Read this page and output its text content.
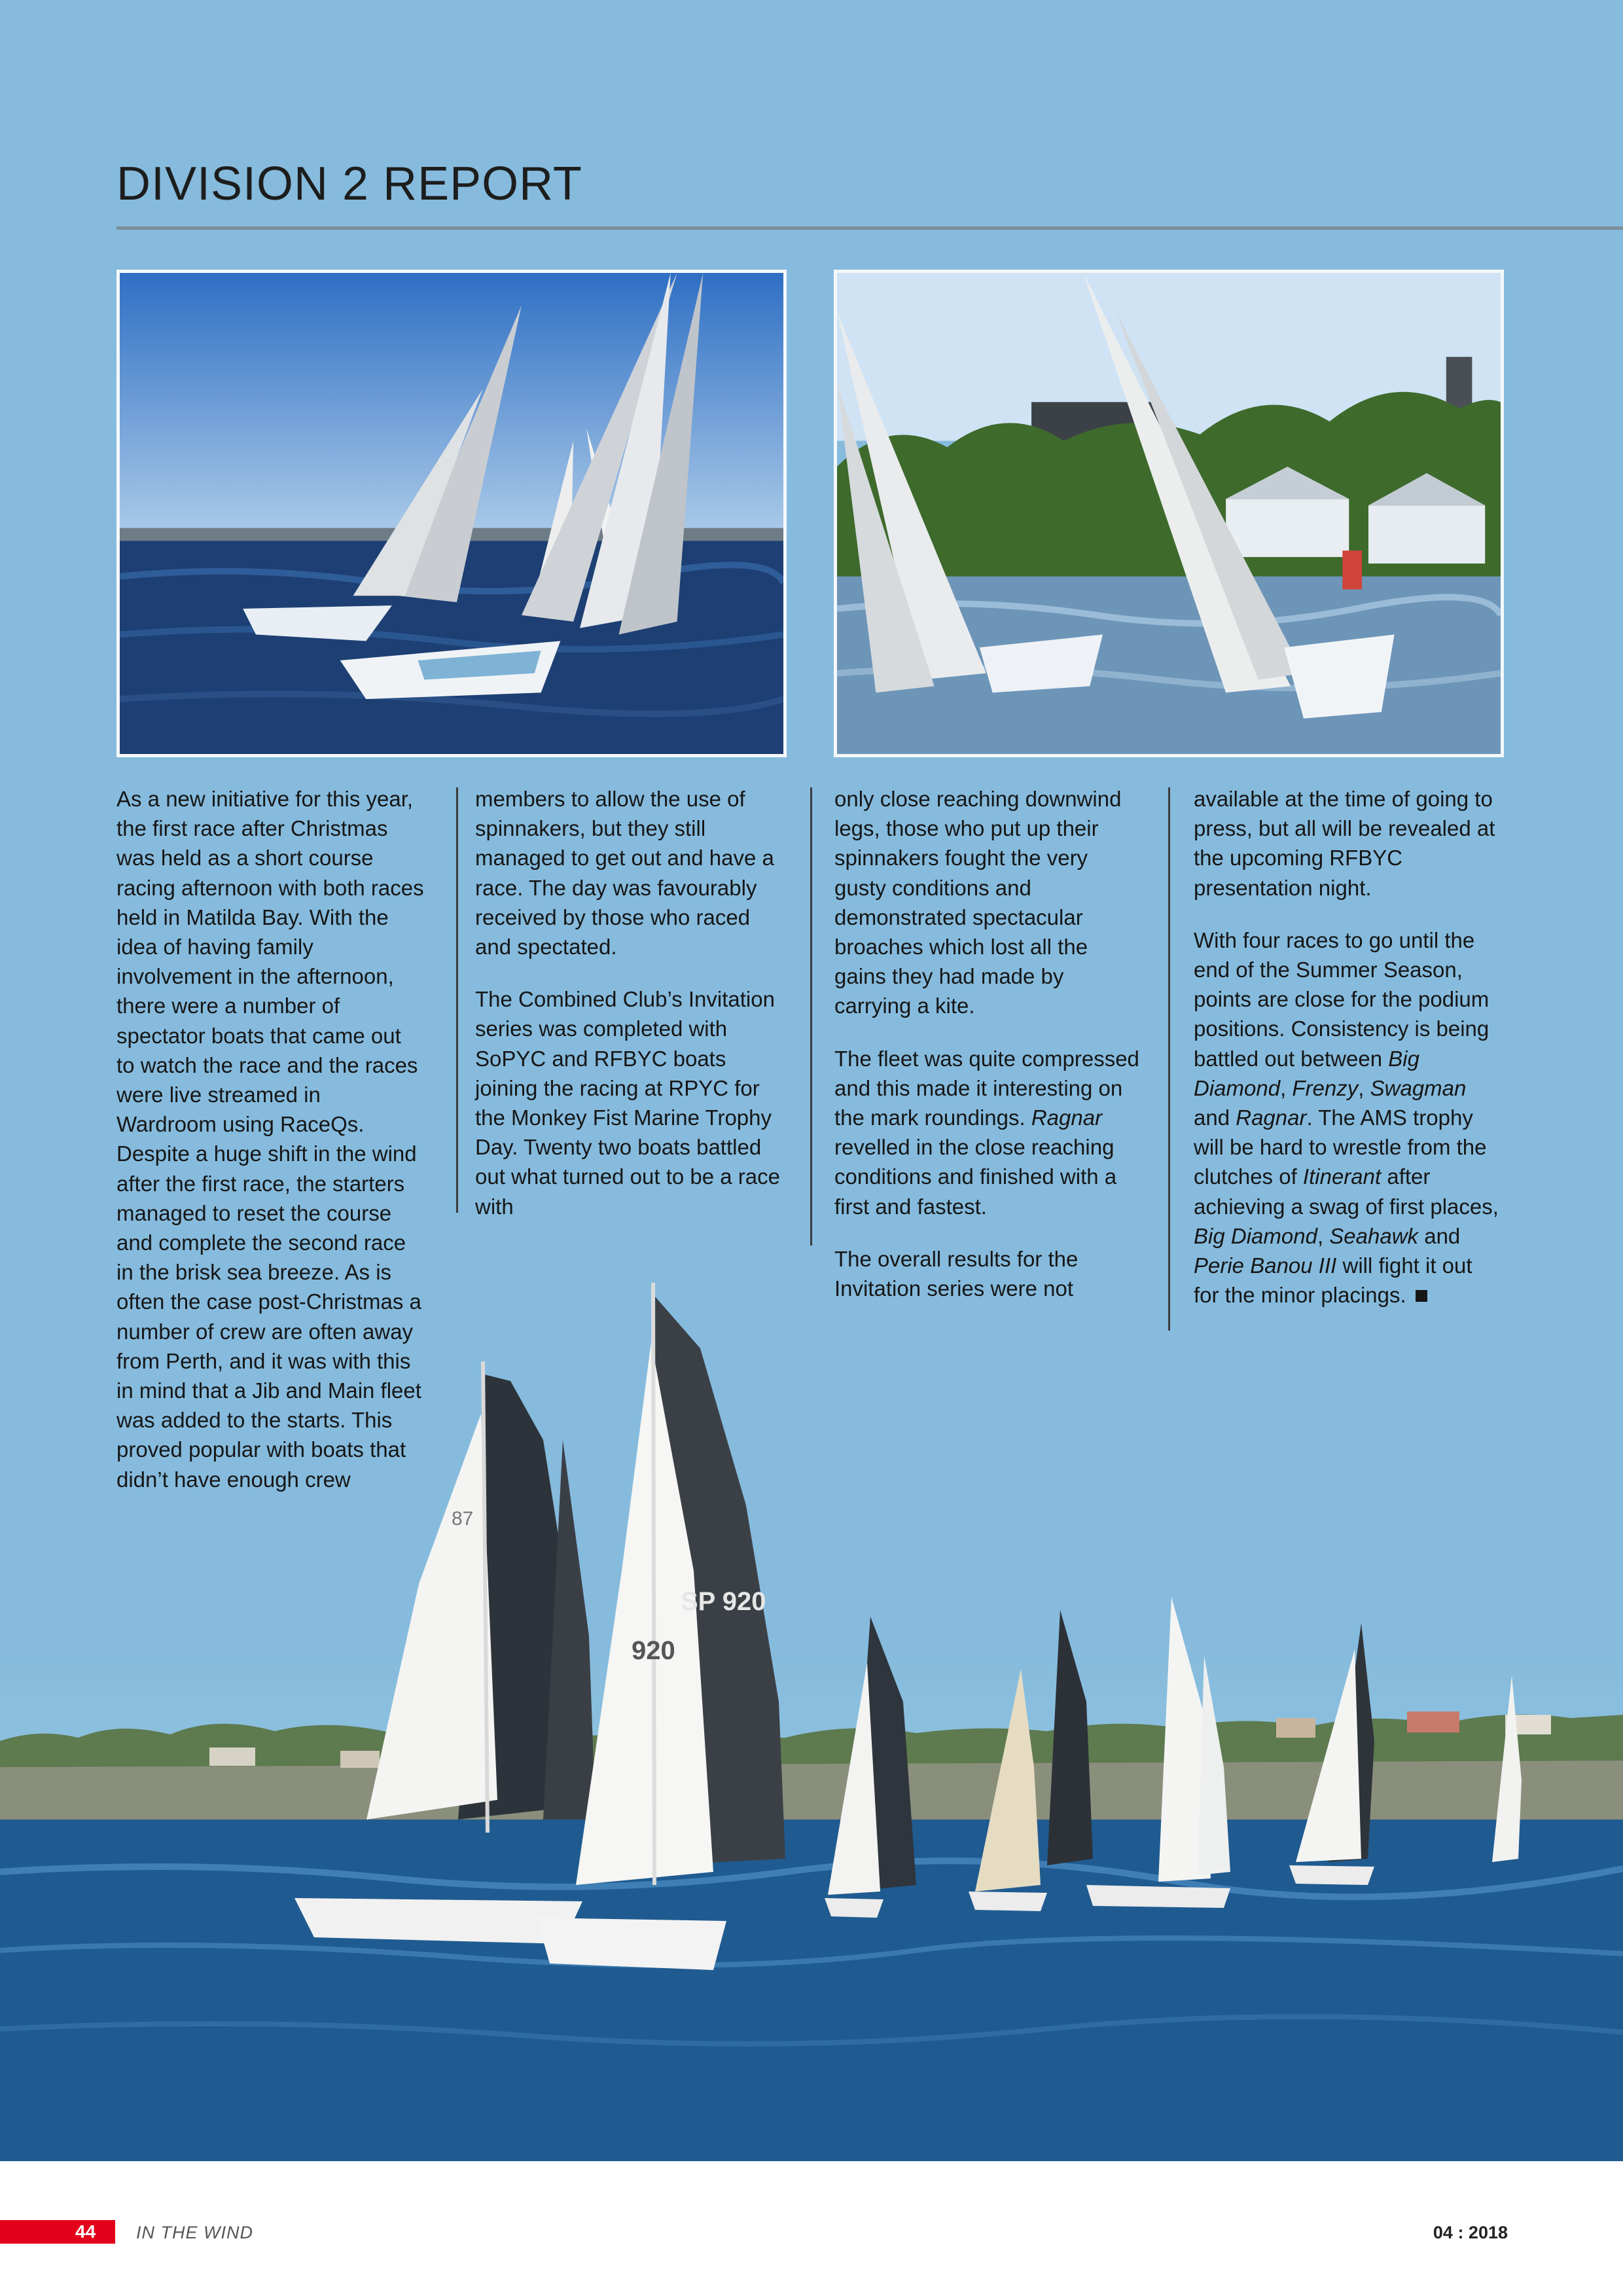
87
920
SP 920
DIVISION 2 REPORT

As a new initiative for this year, the first race after Christmas was held as a short course racing afternoon with both races held in Matilda Bay. With the idea of having family involvement in the afternoon, there were a number of spectator boats that came out to watch the race and the races were live streamed in Wardroom using RaceQs. Despite a huge shift in the wind after the first race, the starters managed to reset the course and complete the second race in the brisk sea breeze. As is often the case post-Christmas a number of crew are often away from Perth, and it was with this in mind that a Jib and Main fleet was added to the starts. This proved popular with boats that didn’t have enough crew

members to allow the use of spinnakers, but they still managed to get out and have a race. The day was favourably received by those who raced and spectated.

The Combined Club’s Invitation series was completed with SoPYC and RFBYC boats joining the racing at RPYC for the Monkey Fist Marine Trophy Day. Twenty two boats battled out what turned out to be a race with

only close reaching downwind legs, those who put up their spinnakers fought the very gusty conditions and demonstrated spectacular broaches which lost all the gains they had made by carrying a kite.

The fleet was quite compressed and this made it interesting on the mark roundings. Ragnar revelled in the close reaching conditions and finished with a first and fastest.

The overall results for the Invitation series were not

available at the time of going to press, but all will be revealed at the upcoming RFBYC presentation night.

With four races to go until the end of the Summer Season, points are close for the podium positions. Consistency is being battled out between Big Diamond, Frenzy, Swagman and Ragnar. The AMS trophy will be hard to wrestle from the clutches of Itinerant after achieving a swag of first places, Big Diamond, Seahawk and Perie Banou III will fight it out for the minor placings.

44 IN THE WIND	04 : 2018
